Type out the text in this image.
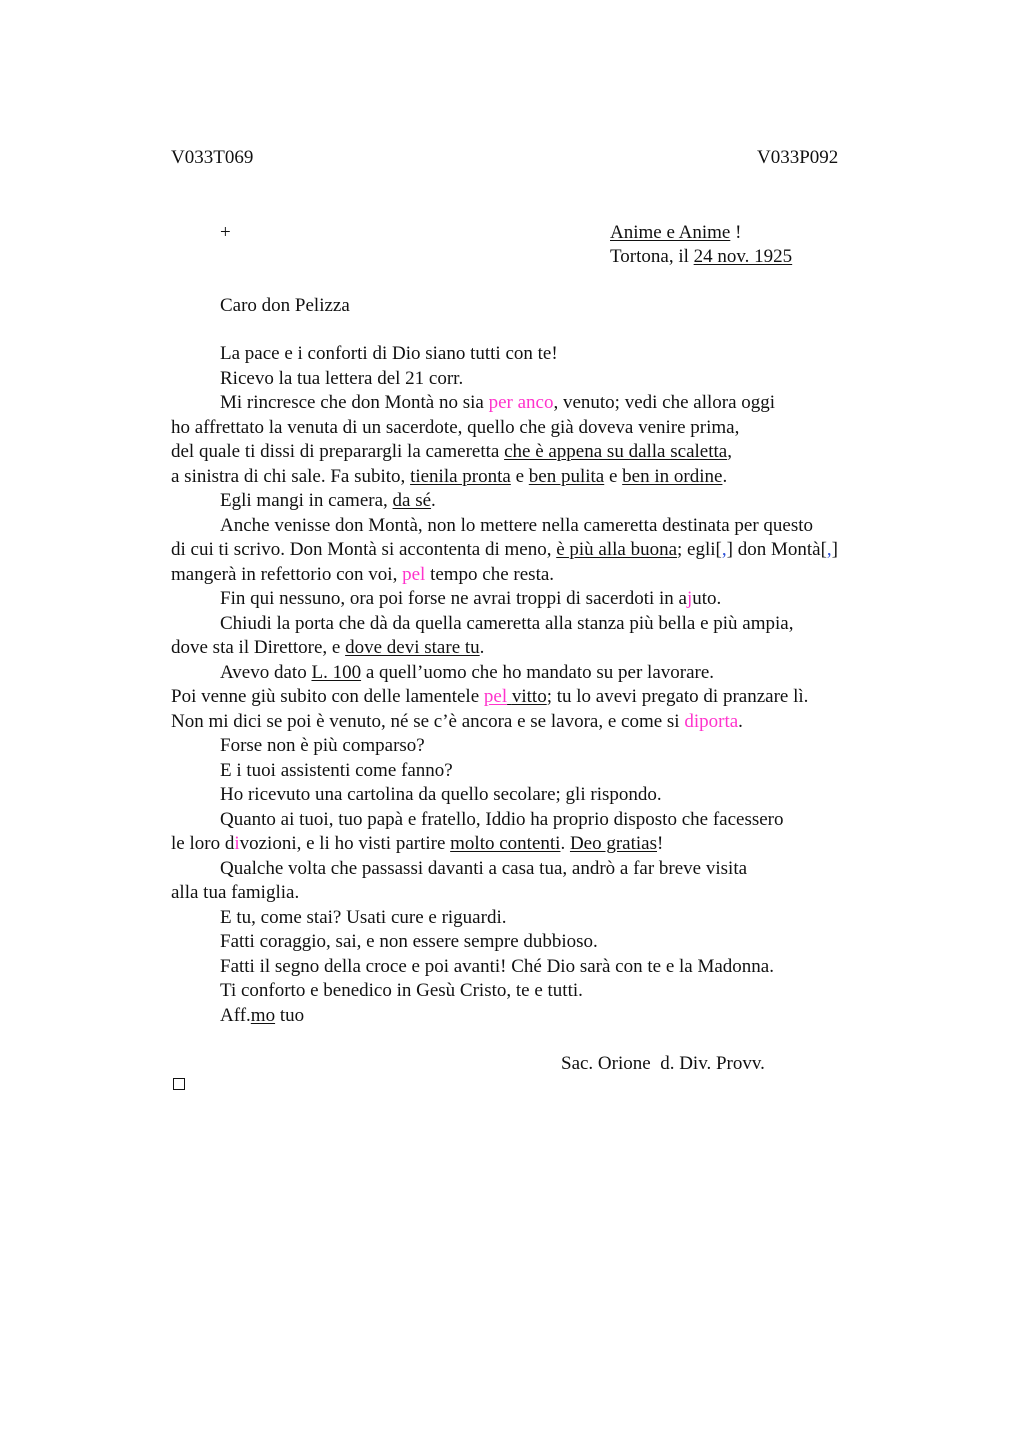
V033T069	V033P092
+	Anime e Anime !
Tortona, il 24 nov. 1925
Caro don Pelizza
La pace e i conforti di Dio siano tutti con te!
Ricevo la tua lettera del 21 corr.
Mi rincresce che don Montà no sia per anco, venuto; vedi che allora oggi
ho affrettato la venuta di un sacerdote, quello che già doveva venire prima,
del quale ti dissi di preparargli la cameretta che è appena su dalla scaletta,
a sinistra di chi sale. Fa subito, tienila pronta e ben pulita e ben in ordine.
Egli mangi in camera, da sé.
Anche venisse don Montà, non lo mettere nella cameretta destinata per questo
di cui ti scrivo. Don Montà si accontenta di meno, è più alla buona; egli[,] don Montà[,]
mangerà in refettorio con voi, pel tempo che resta.
Fin qui nessuno, ora poi forse ne avrai troppi di sacerdoti in ajuto.
Chiudi la porta che dà da quella cameretta alla stanza più bella e più ampia,
dove sta il Direttore, e dove devi stare tu.
Avevo dato L. 100 a quell’uomo che ho mandato su per lavorare.
Poi venne giù subito con delle lamentele pel vitto; tu lo avevi pregato di pranzare lì.
Non mi dici se poi è venuto, né se c’è ancora e se lavora, e come si diporta.
Forse non è più comparso?
E i tuoi assistenti come fanno?
Ho ricevuto una cartolina da quello secolare; gli rispondo.
Quanto ai tuoi, tuo papà e fratello, Iddio ha proprio disposto che facessero
le loro divozioni, e li ho visti partire molto contenti. Deo gratias!
Qualche volta che passassi davanti a casa tua, andrò a far breve visita
alla tua famiglia.
E tu, come stai? Usati cure e riguardi.
Fatti coraggio, sai, e non essere sempre dubbioso.
Fatti il segno della croce e poi avanti! Ché Dio sarà con te e la Madonna.
Ti conforto e benedico in Gesù Cristo, te e tutti.
Aff.mo tuo
Sac. Orione  d. Div. Provv.
